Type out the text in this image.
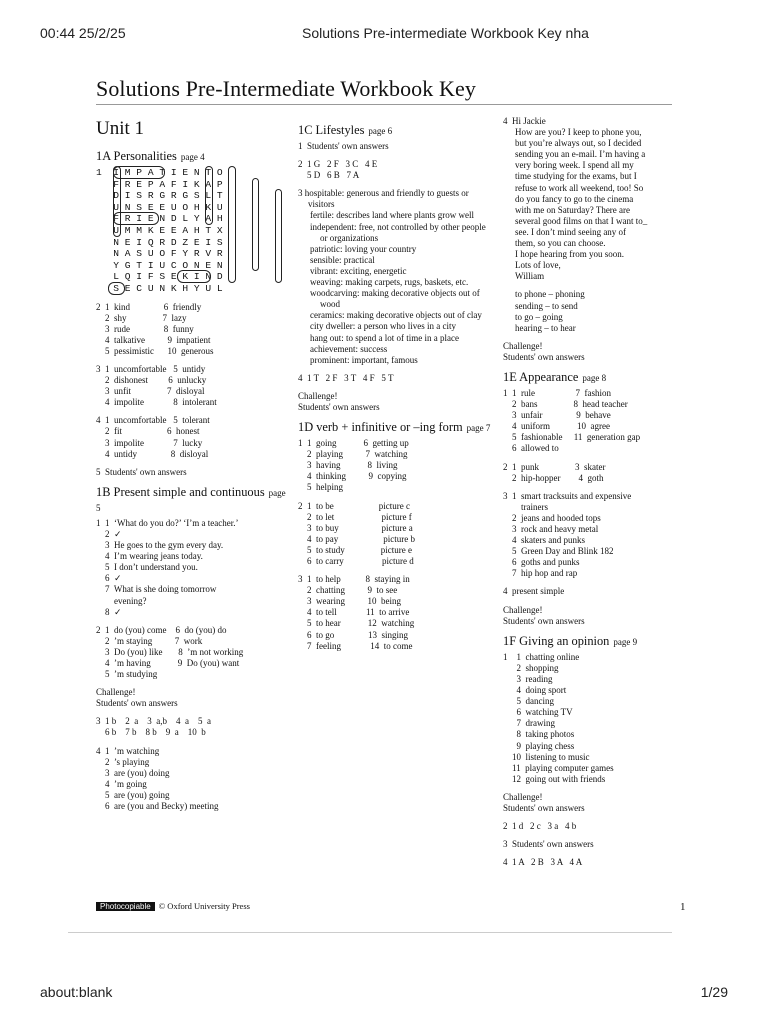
00:44 25/2/25	Solutions Pre-intermediate Workbook Key nha
Solutions Pre-Intermediate Workbook Key
Unit 1
1A Personalities page 4
1  I M P A T I E N T O
F R E P A F I K A P
D I S R G R G S L T
U N S E E U O H K U
F R I E N D L Y A H
U M M K E E A H T X
N E I Q R D Z E I S
N A S U O F Y R V R
Y G T I U C O N E N
L Q I F S E K I N D
S E C U N K H Y U L
2  1  kind               6  friendly
2  shy                7  lazy
3  rude               8  funny
4  talkative          9  impatient
5  pessimistic      10  generous
3  1  uncomfortable   5  untidy
2  dishonest         6  unlucky
3  unfit                7  disloyal
4  impolite             8  intolerant
4  1  uncomfortable   5  tolerant
2  fit                    6  honest
3  impolite             7  lucky
4  untidy               8  disloyal
5  Students' own answers
1B Present simple and continuous page 5
1  1  ‘What do you do?’ ‘I’m a teacher.’
2  ✓
3  He goes to the gym every day.
4  I’m wearing jeans today.
5  I don’t understand you.
6  ✓
7  What is she doing tomorrow
evening?
8  ✓
2  1  do (you) come    6  do (you) do
2  ’m staying          7  work
3  Do (you) like       8  ’m not working
4  ’m having            9  Do (you) want
5  ’m studying
Challenge!
Students' own answers
3  1 b    2  a    3  a,b    4  a    5  a
6 b    7 b    8 b    9  a    10  b
4  1  ’m watching
2  ’s playing
3  are (you) doing
4  ’m going
5  are (you) going
6  are (you and Becky) meeting
1C Lifestyles page 6
1  Students' own answers
2  1 G   2 F   3 C   4 E
5 D   6 B   7 A
3 hospitable: generous and friendly to guests or visitors
fertile: describes land where plants grow well
independent: free, not controlled by other people or organizations
patriotic: loving your country
sensible: practical
vibrant: exciting, energetic
weaving: making carpets, rugs, baskets, etc.
woodcarving: making decorative objects out of wood
ceramics: making decorative objects out of clay
city dweller: a person who lives in a city
hang out: to spend a lot of time in a place
achievement: success
prominent: important, famous
4  1 T   2 F   3 T   4 F   5 T
Challenge!
Students' own answers
1D verb + infinitive or –ing form page 7
1  1  going            6  getting up
2  playing          7  watching
3  having            8  living
4  thinking          9  copying
5  helping
2  1  to be                    picture c
2  to let                     picture f
3  to buy                   picture a
4  to pay                    picture b
5  to study                picture e
6  to carry                 picture d
3  1  to help           8  staying in
2  chatting          9  to see
3  wearing          10  being
4  to tell             11  to arrive
5  to hear            12  watching
6  to go               13  singing
7  feeling             14  to come
4  Hi Jackie
How are you? I keep to phone you,
but you’re always out, so I decided
sending you an e-mail. I’m having a
very boring week. I spend all my
time studying for the exams, but I
refuse to work all weekend, too! So
do you fancy to go to the cinema
with me on Saturday? There are
several good films on that I want to_
see. I don’t mind seeing any of
them, so you can choose.
I hope hearing from you soon.
Lots of love,
William
to phone – phoning
sending – to send
to go – going
hearing – to hear
Challenge!
Students' own answers
1E Appearance page 8
1  1  rule                  7  fashion
2  bans                8  head teacher
3  unfair               9  behave
4  uniform            10  agree
5  fashionable     11  generation gap
6  allowed to
2  1  punk                3  skater
2  hip-hopper        4  goth
3  1  smart tracksuits and expensive
trainers
2  jeans and hooded tops
3  rock and heavy metal
4  skaters and punks
5  Green Day and Blink 182
6  goths and punks
7  hip hop and rap
4  present simple
Challenge!
Students' own answers
1F Giving an opinion page 9
1    1  chatting online
2  shopping
3  reading
4  doing sport
5  dancing
6  watching TV
7  drawing
8  taking photos
9  playing chess
10  listening to music
11  playing computer games
12  going out with friends
Challenge!
Students' own answers
2  1 d   2 c   3 a   4 b
3  Students' own answers
4  1 A   2 B   3 A   4 A
Photocopiable © Oxford University Press	1
about:blank	1/29
